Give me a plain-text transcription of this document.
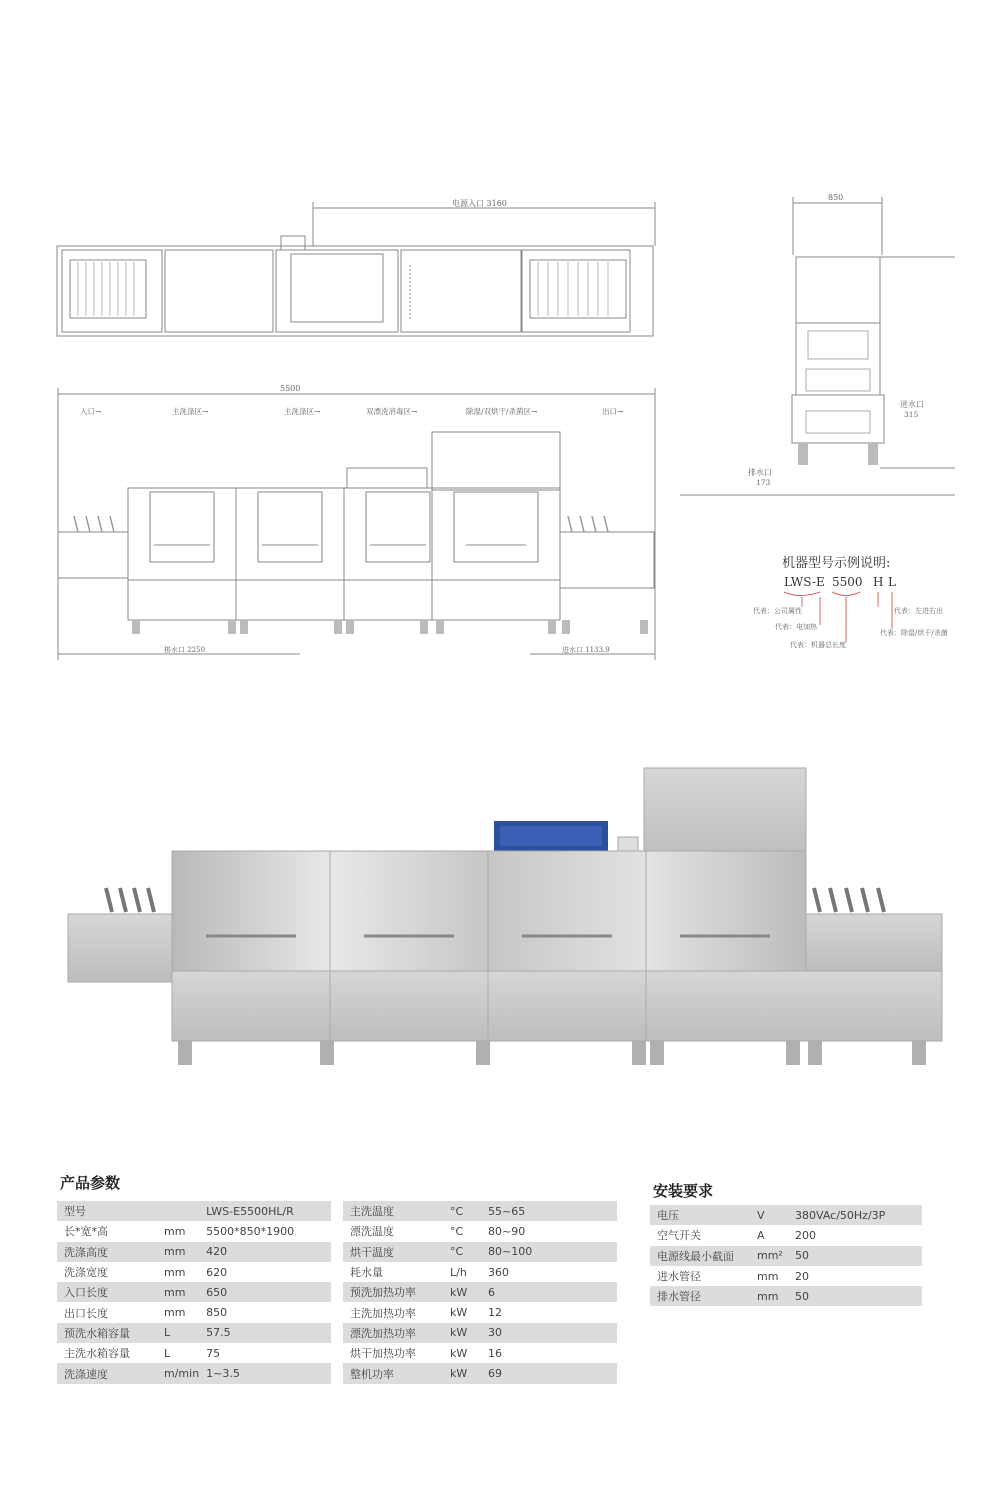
电源入口 3160
5500
入口→	主洗涤区→	主洗涤区→	双漂洗消毒区→	除湿/双烘干/杀菌区→	出口→
排水口 2250	进水口 1133.9
850
进水口
315
排水口
173
机器型号示例说明:
LWS-E 5500 H L
代表：公司属性
代表：电加热
代表：机器总长度
代表：左进右出
代表：除湿/烘干/杀菌
产品参数
型号		LWS-E5500HL/R
长*宽*高	mm	5500*850*1900
洗涤高度	mm	420
洗涤宽度	mm	620
入口长度	mm	650
出口长度	mm	850
预洗水箱容量	L	57.5
主洗水箱容量	L	75
洗涤速度	m/min	1~3.5
主洗温度	°C	55~65
漂洗温度	°C	80~90
烘干温度	°C	80~100
耗水量	L/h	360
预洗加热功率	kW	6
主洗加热功率	kW	12
漂洗加热功率	kW	30
烘干加热功率	kW	16
整机功率	kW	69
安装要求
电压	V	380VAc/50Hz/3P
空气开关	A	200
电源线最小截面	mm²	50
进水管径	mm	20
排水管径	mm	50
